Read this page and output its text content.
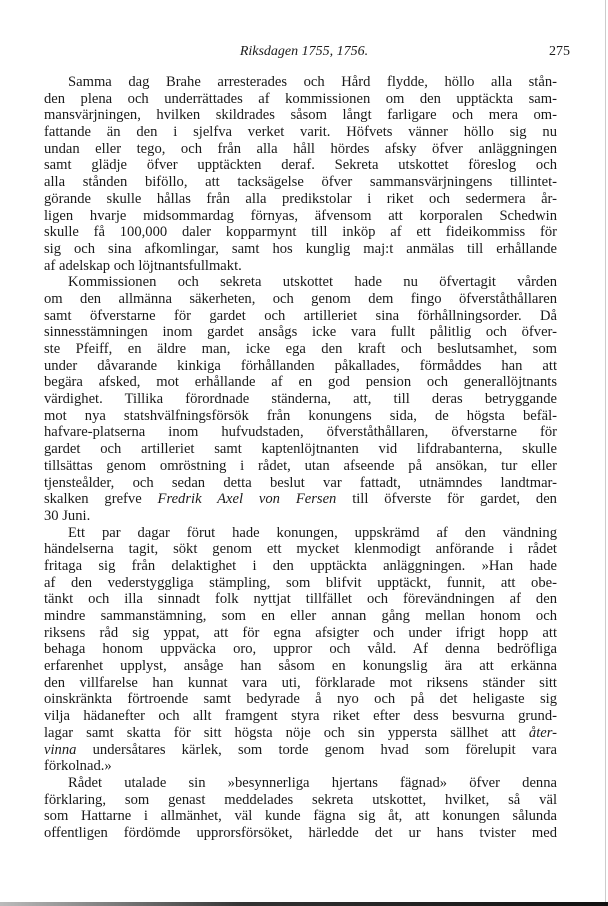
Riksdagen 1755, 1756.	275
Samma dag Brahe arresterades och Hård flydde, höllo alla stån-
den plena och underrättades af kommissionen om den upptäckta sam-
mansvärjningen, hvilken skildrades såsom långt farligare och mera om-
fattande än den i sjelfva verket varit. Höfvets vänner höllo sig nu
undan eller tego, och från alla håll hördes afsky öfver anläggningen
samt glädje öfver upptäckten deraf. Sekreta utskottet föreslog och
alla stånden biföllo, att tacksägelse öfver sammansvärjningens tillintet-
görande skulle hållas från alla predikstolar i riket och sedermera år-
ligen hvarje midsommardag förnyas, äfvensom att korporalen Schedwin
skulle få 100,000 daler kopparmynt till inköp af ett fideikommiss för
sig och sina afkomlingar, samt hos kunglig maj:t anmälas till erhållande
af adelskap och löjtnantsfullmakt.
Kommissionen och sekreta utskottet hade nu öfvertagit vården
om den allmänna säkerheten, och genom dem fingo öfverståthållaren
samt öfverstarne för gardet och artilleriet sina förhållningsorder. Då
sinnesstämningen inom gardet ansågs icke vara fullt pålitlig och öfver-
ste Pfeiff, en äldre man, icke ega den kraft och beslutsamhet, som
under dåvarande kinkiga förhållanden påkallades, förmåddes han att
begära afsked, mot erhållande af en god pension och generallöjtnants
värdighet. Tillika förordnade ständerna, att, till deras betryggande
mot nya statshvälfningsförsök från konungens sida, de högsta befäl-
hafvare-platserna inom hufvudstaden, öfverståthållaren, öfverstarne för
gardet och artilleriet samt kaptenlöjtnanten vid lifdrabanterna, skulle
tillsättas genom omröstning i rådet, utan afseende på ansökan, tur eller
tjensteålder, och sedan detta beslut var fattadt, utnämndes landtmar-
skalken grefve Fredrik Axel von Fersen till öfverste för gardet, den
30 Juni.
Ett par dagar förut hade konungen, uppskrämd af den vändning
händelserna tagit, sökt genom ett mycket klenmodigt anförande i rådet
fritaga sig från delaktighet i den upptäckta anläggningen. »Han hade
af den vederstyggliga stämpling, som blifvit upptäckt, funnit, att obe-
tänkt och illa sinnadt folk nyttjat tillfället och förevändningen af den
mindre sammanstämning, som en eller annan gång mellan honom och
riksens råd sig yppat, att för egna afsigter och under ifrigt hopp att
behaga honom uppväcka oro, uppror och våld. Af denna bedröfliga
erfarenhet upplyst, ansåge han såsom en konungslig ära att erkänna
den villfarelse han kunnat vara uti, förklarade mot riksens ständer sitt
oinskränkta förtroende samt bedyrade å nyo och på det heligaste sig
vilja hädanefter och allt framgent styra riket efter dess besvurna grund-
lagar samt skatta för sitt högsta nöje och sin yppersta sällhet att åter-
vinna undersåtares kärlek, som torde genom hvad som förelupit vara
förkolnad.»
Rådet utalade sin »besynnerliga hjertans fägnad» öfver denna
förklaring, som genast meddelades sekreta utskottet, hvilket, så väl
som Hattarne i allmänhet, väl kunde fägna sig åt, att konungen sålunda
offentligen fördömde upprorsförsöket, härledde det ur hans tvister med
